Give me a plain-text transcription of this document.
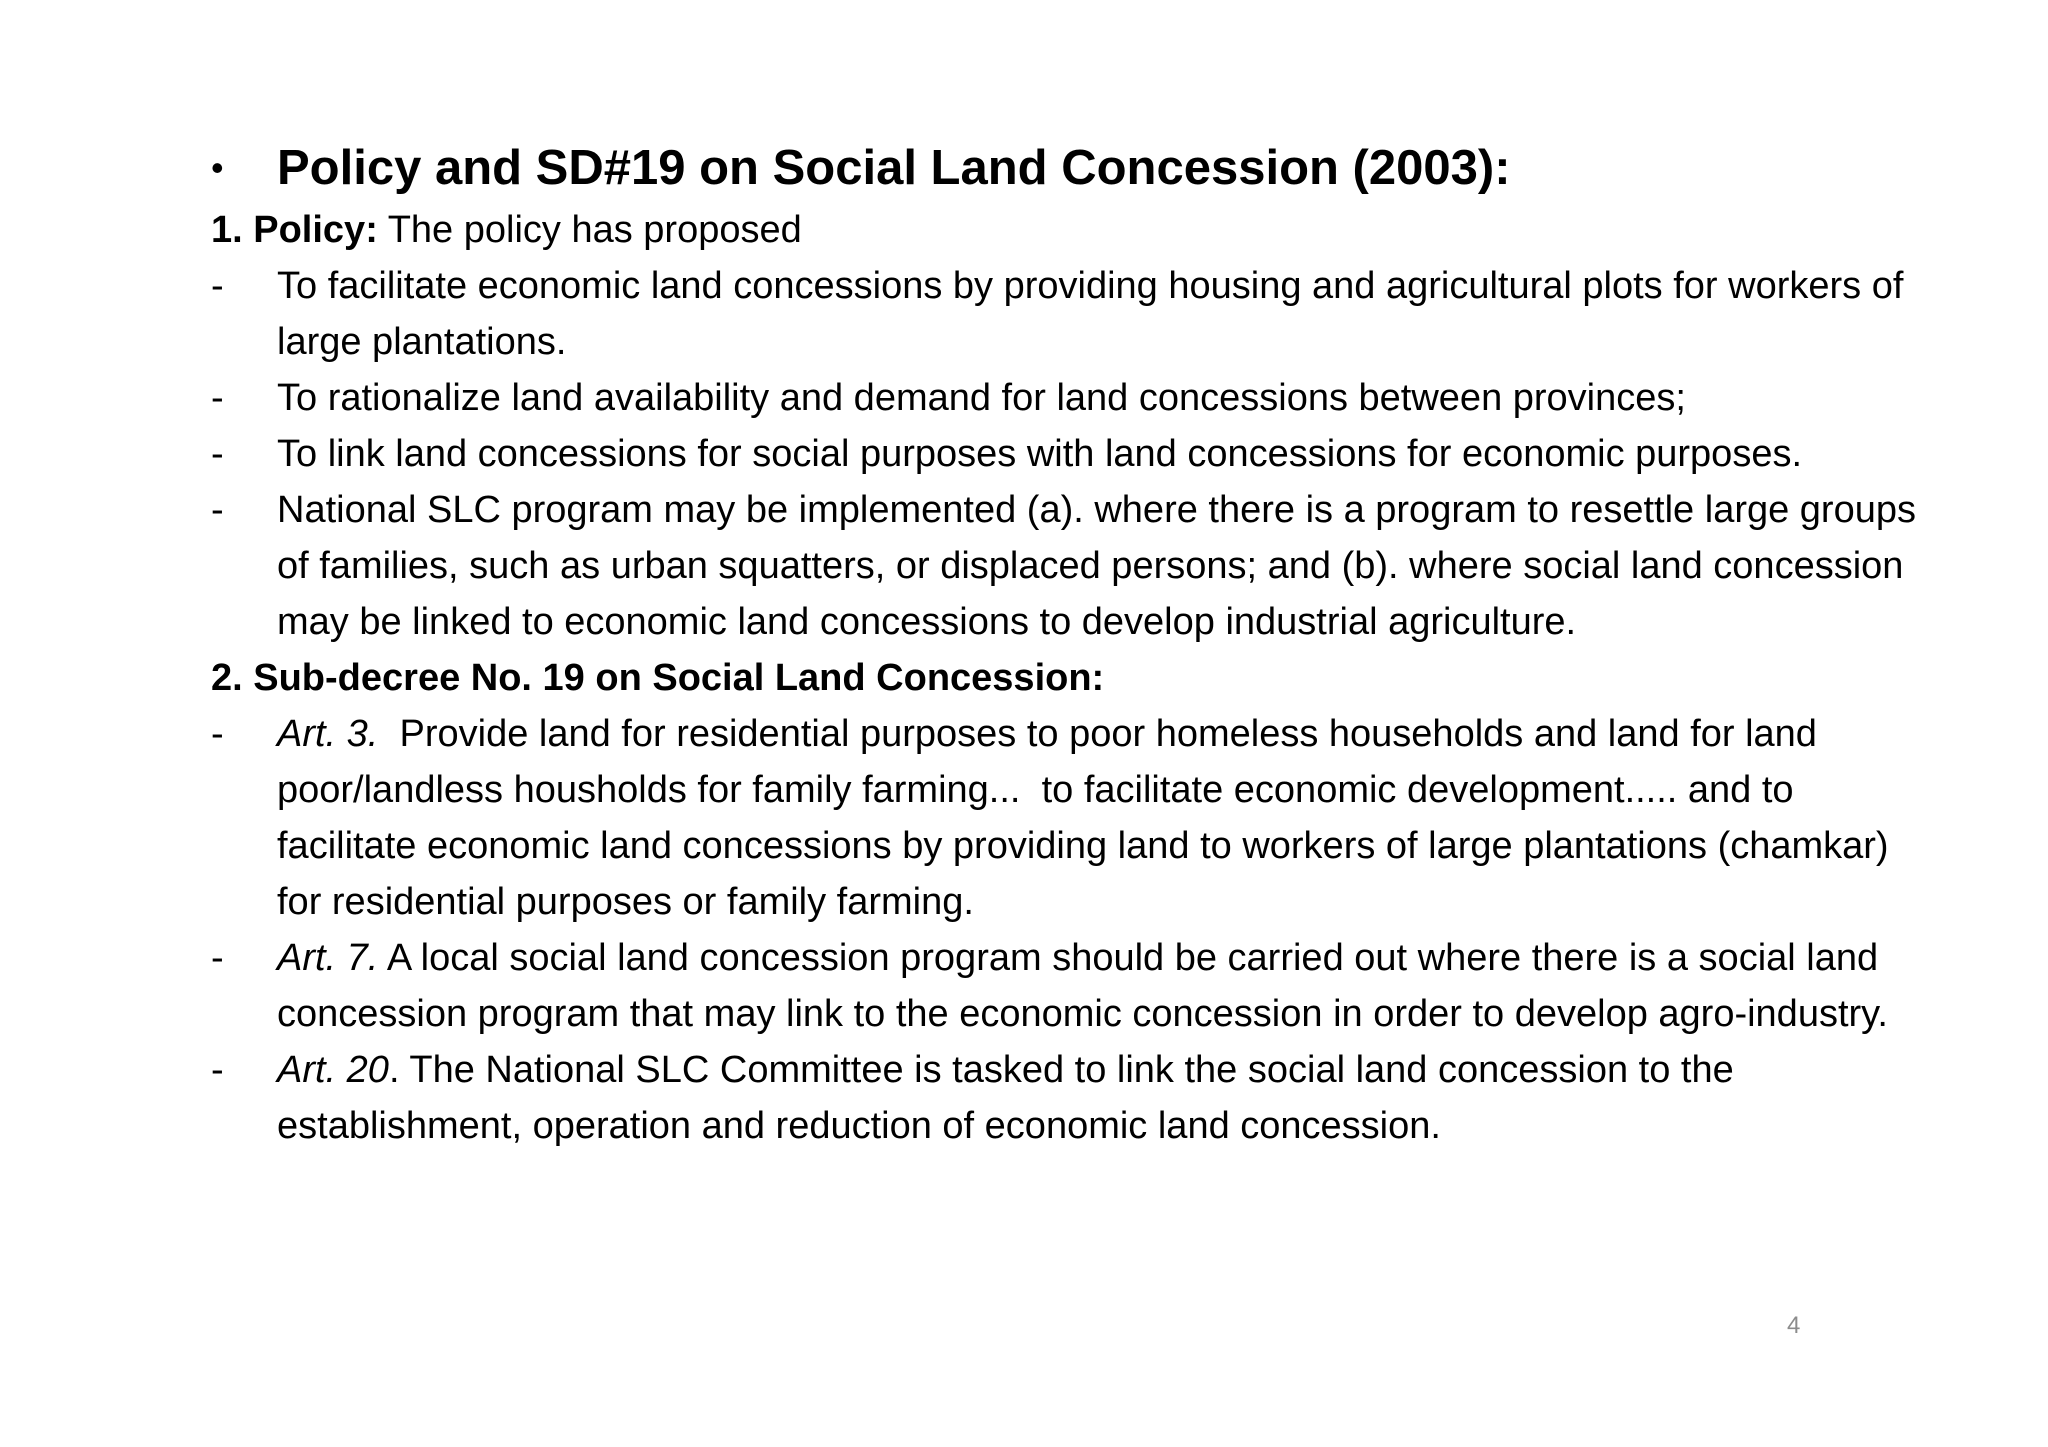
•	Policy and SD#19 on Social Land Concession (2003):
1. Policy: The policy has proposed
-	To facilitate economic land concessions by providing housing and agricultural plots for workers of large plantations.
-	To rationalize land availability and demand for land concessions between provinces;
-	To link land concessions for social purposes with land concessions for economic purposes.
-	National SLC program may be implemented (a). where there is a program to resettle large groups of families, such as urban squatters, or displaced persons; and (b). where social land concession may be linked to economic land concessions to develop industrial agriculture.
2. Sub-decree No. 19 on Social Land Concession:
-	Art. 3.  Provide land for residential purposes to poor homeless households and land for land poor/landless housholds for family farming...  to facilitate economic development..... and to facilitate economic land concessions by providing land to workers of large plantations (chamkar) for residential purposes or family farming.
-	Art. 7. A local social land concession program should be carried out where there is a social land concession program that may link to the economic concession in order to develop agro-industry.
-	Art. 20. The National SLC Committee is tasked to link the social land concession to the establishment, operation and reduction of economic land concession.
4
